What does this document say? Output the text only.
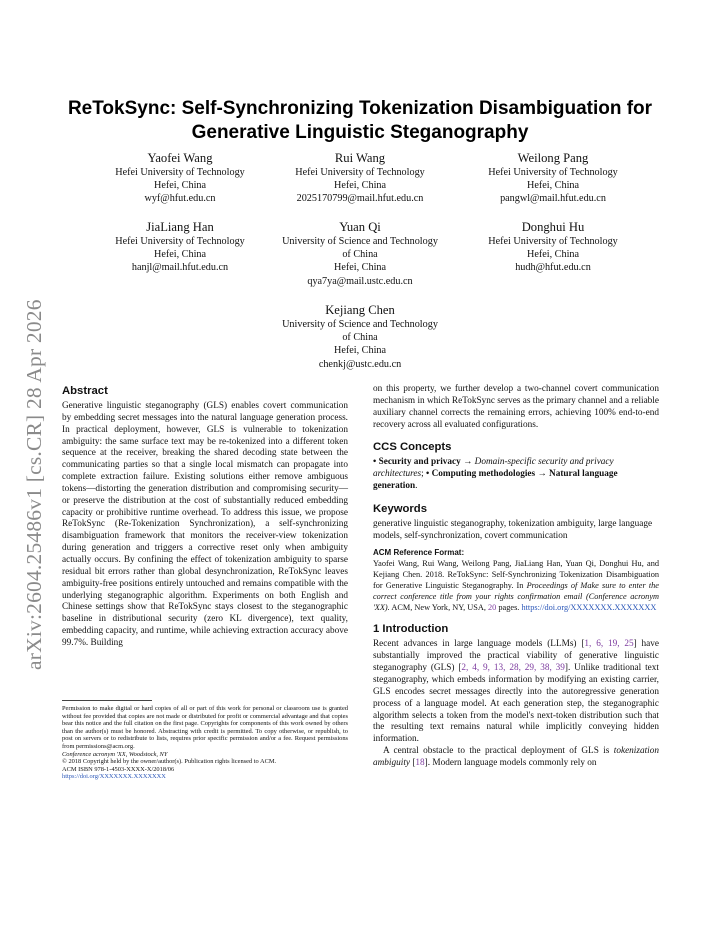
arXiv:2604.25486v1 [cs.CR] 28 Apr 2026
ReTokSync: Self-Synchronizing Tokenization Disambiguation for
Generative Linguistic Steganography
Yaofei Wang
Hefei University of Technology
Hefei, China
wyf@hfut.edu.cn
Rui Wang
Hefei University of Technology
Hefei, China
2025170799@mail.hfut.edu.cn
Weilong Pang
Hefei University of Technology
Hefei, China
pangwl@mail.hfut.edu.cn
JiaLiang Han
Hefei University of Technology
Hefei, China
hanjl@mail.hfut.edu.cn
Yuan Qi
University of Science and Technology
of China
Hefei, China
qya7ya@mail.ustc.edu.cn
Donghui Hu
Hefei University of Technology
Hefei, China
hudh@hfut.edu.cn
Kejiang Chen
University of Science and Technology
of China
Hefei, China
chenkj@ustc.edu.cn
Abstract

Generative linguistic steganography (GLS) enables covert communication by embedding secret messages into the natural language generation process. In practical deployment, however, GLS is vulnerable to tokenization ambiguity: the same surface text may be re-tokenized into a different token sequence at the receiver, breaking the shared decoding state between the communicating parties so that a single local mismatch can propagate into complete extraction failure. Existing solutions either remove ambiguous tokens—distorting the generation distribution and compromising security—or preserve the distribution at the cost of substantially reduced embedding capacity or prohibitive runtime overhead. To address this issue, we propose ReTokSync (Re-Tokenization Synchronization), a self-synchronizing disambiguation framework that monitors the receiver-view tokenization during generation and triggers a corrective reset only when ambiguity actually occurs. By confining the effect of tokenization ambiguity to sparse residual bit errors rather than global desynchronization, ReTokSync leaves ambiguity-free positions entirely untouched and remains compatible with the underlying steganographic algorithm. Experiments on both English and Chinese settings show that ReTokSync stays closest to the steganographic baseline in distributional security (zero KL divergence), text quality, embedding capacity, and runtime, while achieving extraction accuracy above 99.7%. Building

Permission to make digital or hard copies of all or part of this work for personal or classroom use is granted without fee provided that copies are not made or distributed for profit or commercial advantage and that copies bear this notice and the full citation on the first page. Copyrights for components of this work owned by others than the author(s) must be honored. Abstracting with credit is permitted. To copy otherwise, or republish, to post on servers or to redistribute to lists, requires prior specific permission and/or a fee. Request permissions from permissions@acm.org.

Conference acronym 'XX, Woodstock, NY

© 2018 Copyright held by the owner/author(s). Publication rights licensed to ACM.

ACM ISBN 978-1-4503-XXXX-X/2018/06

https://doi.org/XXXXXXX.XXXXXXX

on this property, we further develop a two-channel covert communication mechanism in which ReTokSync serves as the primary channel and a reliable auxiliary channel corrects the remaining errors, achieving 100% end-to-end recovery across all evaluated configurations.

CCS Concepts

• Security and privacy → Domain-specific security and privacy architectures; • Computing methodologies → Natural language generation.

Keywords

generative linguistic steganography, tokenization ambiguity, large language models, self-synchronization, covert communication

ACM Reference Format:

Yaofei Wang, Rui Wang, Weilong Pang, JiaLiang Han, Yuan Qi, Donghui Hu, and Kejiang Chen. 2018. ReTokSync: Self-Synchronizing Tokenization Disambiguation for Generative Linguistic Steganography. In Proceedings of Make sure to enter the correct conference title from your rights confirmation email (Conference acronym 'XX). ACM, New York, NY, USA, 20 pages. https://doi.org/XXXXXXX.XXXXXXX

1 Introduction

Recent advances in large language models (LLMs) [1, 6, 19, 25] have substantially improved the practical viability of generative linguistic steganography (GLS) [2, 4, 9, 13, 28, 29, 38, 39]. Unlike traditional text steganography, which embeds information by modifying an existing carrier, GLS encodes secret messages directly into the autoregressive generation process of a language model. At each generation step, the steganographic algorithm selects a token from the model's next-token distribution such that the resulting text remains natural while implicitly conveying hidden information.

A central obstacle to the practical deployment of GLS is tokenization ambiguity [18]. Modern language models commonly rely on
